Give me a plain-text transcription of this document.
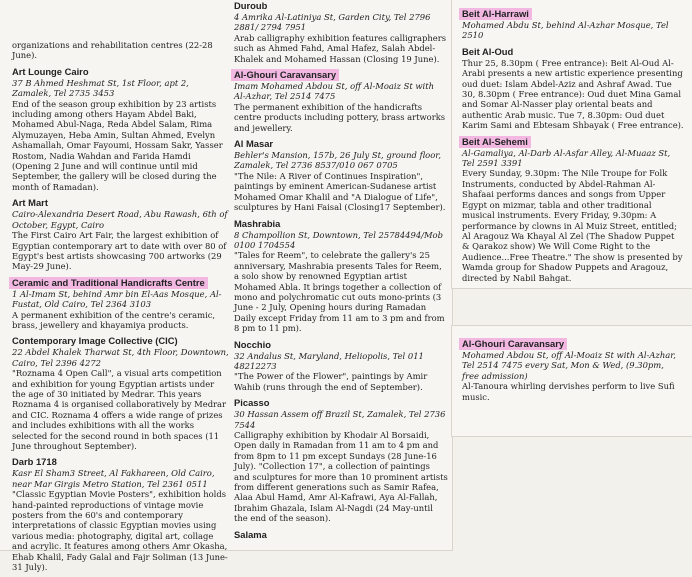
organizations and rehabilitation centres (22-28 June).

Art Lounge Cairo

37 B Ahmed Heshmat St, 1st Floor, apt 2, Zamalek, Tel 2735 3453

End of the season group exhibition by 23 artists including among others Hayam Abdel Baki, Mohamed Abul-Naga, Reda Abdel Salam, Rima Alymuzayen, Heba Amin, Sultan Ahmed, Evelyn Ashamallah, Omar Fayoumi, Hossam Sakr, Yasser Rostom, Nadia Wahdan and Farida Hamdi (Opening 2 June and will continue until mid September, the gallery will be closed during the month of Ramadan).

Art Mart

Cairo-Alexandria Desert Road, Abu Rawash, 6th of October, Egypt, Cairo

The First Cairo Art Fair, the largest exhibition of Egyptian contemporary art to date with over 80 of Egypt's best artists showcasing 700 artworks (29 May-29 June).

Ceramic and Traditional Handicrafts Centre

1 Al-Imam St, behind Amr bin El-Aas Mosque, Al-Fustat, Old Cairo, Tel 2364 3103

A permanent exhibition of the centre's ceramic, brass, jewellery and khayamiya products.

Contemporary Image Collective (CIC)

22 Abdel Khalek Tharwat St, 4th Floor, Downtown, Cairo, Tel 2396 4272

"Roznama 4 Open Call", a visual arts competition and exhibition for young Egyptian artists under the age of 30 initiated by Medrar. This years Roznama 4 is organised collaboratively by Medrar and CIC. Roznama 4 offers a wide range of prizes and includes exhibitions with all the works selected for the second round in both spaces (11 June throughout September).

Darb 1718

Kasr El Sham3 Street, Al Fakhareen, Old Cairo, near Mar Girgis Metro Station, Tel 2361 0511

"Classic Egyptian Movie Posters", exhibition holds hand-painted reproductions of vintage movie posters from the 60's and contemporary interpretations of classic Egyptian movies using various media: photography, digital art, collage and acrylic. It features among others Amr Okasha, Ehab Khalil, Fady Galal and Fajr Soliman (13 June-31 July).

Duroub

4 Amrika Al-Latiniya St, Garden City, Tel 2796 2881/ 2794 7951

Arab calligraphy exhibition features calligraphers such as Ahmed Fahd, Amal Hafez, Salah Abdel-Khalek and Mohamed Hassan (Closing 19 June).

Al-Ghouri Caravansary

Imam Mohamed Abdou St, off Al-Moaiz St with Al-Azhar, Tel 2514 7475

The permanent exhibition of the handicrafts centre products including pottery, brass artworks and jewellery.

Al Masar

Behler's Mansion, 157b, 26 July St, ground floor, Zamalek, Tel 2736 8537/010 067 0705

"The Nile: A River of Continues Inspiration", paintings by eminent American-Sudanese artist Mohamed Omar Khalil and "A Dialogue of Life", sculptures by Hani Faisal (Closing17 September).

Mashrabia

8 Champollion St, Downtown, Tel 25784494/Mob 0100 1704554

"Tales for Reem", to celebrate the gallery's 25 anniversary, Mashrabia presents Tales for Reem, a solo show by renowned Egyptian artist Mohamed Abla. It brings together a collection of mono and polychromatic cut outs mono-prints (3 June - 2 July, Opening hours during Ramadan Daily except Friday from 11 am to 3 pm and from 8 pm to 11 pm).

Nocchio

32 Andalus St, Maryland, Heliopolis, Tel 011 48212273

"The Power of the Flower", paintings by Amir Wahib (runs through the end of September).

Picasso

30 Hassan Assem off Brazil St, Zamalek, Tel 2736 7544

Calligraphy exhibition by Khodair Al Borsaidi, Open daily in Ramadan from 11 am to 4 pm and from 8pm to 11 pm except Sundays (28 June-16 July). "Collection 17", a collection of paintings and sculptures for more than 10 prominent artists from different generations such as Samir Rafea, Alaa Abul Hamd, Amr Al-Kafrawi, Aya Al-Fallah, Ibrahim Ghazala, Islam Al-Nagdi (24 May-until the end of the season).

Salama
Beit Al-Harrawi

Mohamed Abdu St, behind Al-Azhar Mosque, Tel 2510

Beit Al-Oud

Thur 25, 8.30pm ( Free entrance): Beit Al-Oud Al-Arabi presents a new artistic experience presenting oud duet: Islam Abdel-Aziz and Ashraf Awad. Tue 30, 8.30pm ( Free entrance): Oud duet Mina Gamal and Somar Al-Nasser play oriental beats and authentic Arab music. Tue 7, 8.30pm: Oud duet Karim Sami and Ebtesam Shbayak ( Free entrance).

Beit Al-Sehemi

Al-Gamaliya, Al-Darb Al-Asfar Alley, Al-Muaaz St, Tel 2591 3391

Every Sunday, 9.30pm: The Nile Troupe for Folk Instruments, conducted by Abdel-Rahman Al-Shafaai performs dances and songs from Upper Egypt on mizmar, tabla and other traditional musical instruments. Every Friday, 9.30pm: A performance by clowns in Al Muiz Street, entitled; Al Aragouz Wa Khayal Al Zel (The Shadow Puppet & Qarakoz show) We Will Come Right to the Audience...Free Theatre." The show is presented by Wamda group for Shadow Puppets and Aragouz, directed by Nabil Bahgat.

Al-Ghouri Caravansary

Mohamed Abdou St, off Al-Moaiz St with Al-Azhar, Tel 2514 7475 every Sat, Mon & Wed, (9.30pm, free admission)

Al-Tanoura whirling dervishes perform to live Sufi music.
